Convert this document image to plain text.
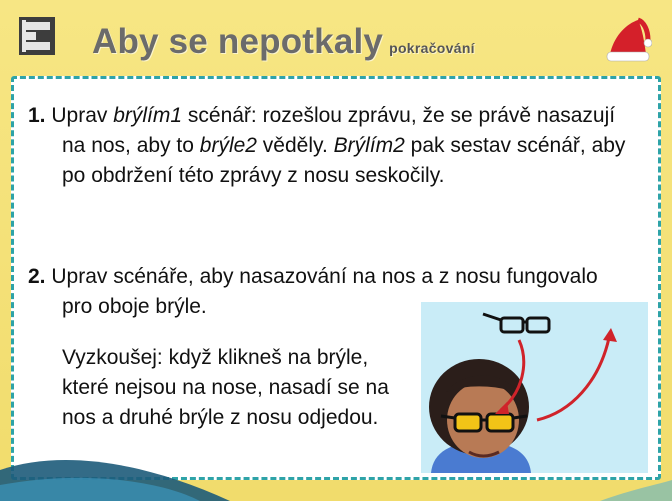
Aby se nepotkaly pokračování
1. Uprav brýlím1 scénář: rozešlou zprávu, že se právě nasazují na nos, aby to brýle2 věděly. Brýlím2 pak sestav scénář, aby po obdržení této zprávy z nosu seskočily.
2. Uprav scénáře, aby nasazování na nos a z nosu fungovalo pro oboje brýle.
Vyzkoušej: když klikneš na brýle, které nejsou na nose, nasadí se na nos a druhé brýle z nosu odjedou.
